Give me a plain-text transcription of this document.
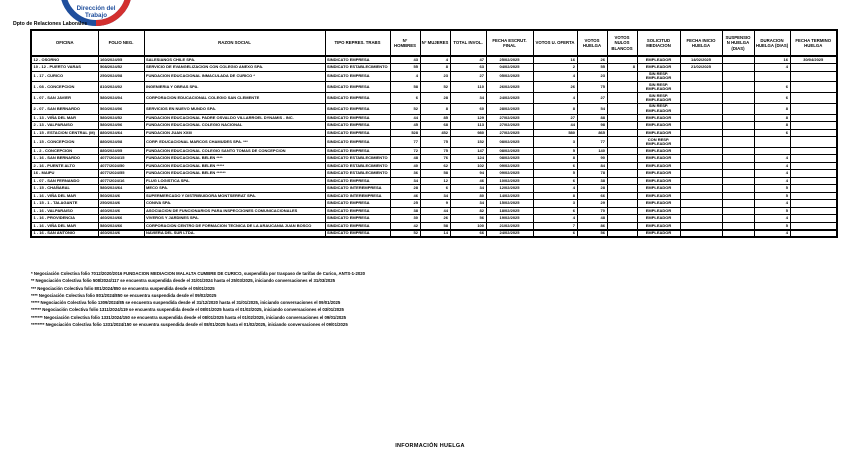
Dirección del
Trabajo
Dpto de Relaciones Laborales
OFICINA	FOLIO NEG.	RAZON SOCIAL	TIPO REPRES. TRABS	N° HOMBRES	N° MUJERES	TOTAL INVOL.	FECHA ESCRUT. FINAL	VOTOS U. OFERTA	VOTOS HUELGA	VOTOS NULOS BLANCOS	SOLICITUD MEDIACION	FECHA INICIO HUELGA	SUSPENSIO N HUELGA (DIAS)	DURACION HUELGA (DIAS)	FECHA TERMINO HUELGA
12 - OSORNO	160/2024/05	SALESIANOS CHILE SPA.	SINDICATO EMPRESA	43	4	47	25/02/2025	16	26		EMPLEADOR	14/02/2025		16	30/04/2025
10 - 12 - PUERTO VARAS	508/2024/52	SERVICIO DE EVANGELIZACION CON COLEGIO ANEXO SPA.	SINDICATO ESTABLECIMIENTO	55	8	63	04/02/2025	2	55	8	EMPLEADOR	21/02/2025		4	
1 - 17 - CURICO	250/2024/08	FUNDACION EDUCACIONAL INMACULADA DE CURICO *	SINDICATO EMPRESA	4	23	27	05/02/2025	4	23		SIN RESP. EMPLEADOR				
1 - 08 - CONCEPCION	810/2024/02	INGENIERIA Y OBRAS SPA.	SINDICATO EMPRESA	58	52	110	26/02/2025	26	75		SIN RESP. EMPLEADOR			6	
1 - 07 - SAN JAVIER	580/2024/04	CORPORACION EDUCACIONAL COLEGIO SAN CLEMENTE	SINDICATO EMPRESA	6	28	34	24/02/2025	4	27		SIN RESP. EMPLEADOR			6	
2 - 07 - SAN BERNARDO	560/2024/06	SERVICIOS EN NUEVO MUNDO SPA.	SINDICATO EMPRESA	52	8	60	28/02/2025	8	54		SIN RESP. EMPLEADOR			8	
1 - 13 - VIÑA DEL MAR	580/2024/52	FUNDACION EDUCACIONAL PADRE OSVALDO VILLARROEL DYNAMIS - INC.	SINDICATO EMPRESA	44	85	129	27/02/2025	27	88		EMPLEADOR			8	
2 - 13 - VALPARAISO	580/2024/06	FUNDACION EDUCACIONAL COLEGIO NACIONAL	SINDICATO EMPRESA	45	68	113	27/02/2025	44	98		EMPLEADOR			8	
1 - 15 - ESTACION CENTRAL (M)	880/2024/64	FUNDACION JUAN XXIII	SINDICATO EMPRESA	528	452	980	27/02/2025	580	865		EMPLEADOR			6	
1 - 15 - CONCEPCION	880/2024/08	CORP. EDUCACIONAL MARCOS CHAMUDES SPA. ***	SINDICATO EMPRESA	77	75	152	08/02/2025	3	77		CON RESP. EMPLEADOR				
1 - 2 - CONCEPCION	880/2024/05	FUNDACION EDUCACIONAL COLEGIO SANTO TOMAS DE CONCEPCION	SINDICATO EMPRESA	72	75	147	08/02/2025	5	140		EMPLEADOR				
1 - 16 - SAN BERNARDO	4077/2024/15	FUNDACION EDUCACIONAL BELEN ****	SINDICATO ESTABLECIMIENTO	48	76	124	08/02/2025	8	90		EMPLEADOR			4	
2 - 16 - PUENTE ALTO	4077/2024/50	FUNDACION EDUCACIONAL BELEN *****	SINDICATO ESTABLECIMIENTO	40	62	102	09/02/2025	6	84		EMPLEADOR			4	
16 - MAIPU	4077/2024/55	FUNDACION EDUCACIONAL BELEN ******	SINDICATO ESTABLECIMIENTO	36	58	94	09/02/2025	5	78		EMPLEADOR			4	
1 - 07 - SAN FERNANDO	4077/2024/16	FLUG LOGISTICA SPA.	SINDICATO EMPRESA	34	12	46	10/02/2025	6	38		EMPLEADOR			4	
1 - 15 - CHAÑARAL	580/2024/64	MECO SPA.	SINDICATO INTEREMPRESA	28	6	34	12/02/2025	4	28		EMPLEADOR			5	
1 - 16 - VIÑA DEL MAR	560/2024/6	SUPERMERCADO Y DISTRIBUIDORA MONTSERRAT SPA.	SINDICATO INTEREMPRESA	46	34	80	14/02/2025	8	66		EMPLEADOR			5	
1 - 15 - 1 - TALAGANTE	250/2024/6	CONIVA SPA.	SINDICATO EMPRESA	25	9	34	15/02/2025	3	29		EMPLEADOR			4	
1 - 16 - VALPARAISO	460/2024/6	ASOCIACION DE FUNCIONARIOS PARA INSPECCIONES COMUNICACIONALES	SINDICATO EMPRESA	38	44	82	18/02/2025	6	70		EMPLEADOR			5	
1 - 16 - PROVIDENCIA	460/2024/66	VIVEROS Y JARDINES SPA.	SINDICATO EMPRESA	30	26	56	19/02/2025	4	48		EMPLEADOR			4	
1 - 16 - VIÑA DEL MAR	580/2024/66	CORPORACION CENTRO DE FORMACION TECNICA DE LA ARAUCANIA JUAN BOSCO	SINDICATO EMPRESA	42	58	100	21/02/2025	7	86		EMPLEADOR			5	
1 - 16 - SAN ANTONIO	460/2024/6	NAVIERA DEL SUR LTDA.	SINDICATO EMPRESA	52	14	66	24/02/2025	6	56		EMPLEADOR			4	
* Negociación Colectiva folio 7012/2020/2016 FUNDACION MEDIACION MALALTA CUMBRE DE CURICO, suspendida por traspaso de tarifas de Curico, ANTS-1-2020
** Negociación Colectiva folio 508/2024/117 se encuentra suspendida desde el 31/01/2024 hasta el 25/03/2025, iniciando conversaciones el 31/03/2025
*** Negociación Colectiva folio 801/2024/850 se encuentra suspendida desde el 05/01/2025
**** Negociación Colectiva folio 801/2024/850 se encuentra suspendida desde el 09/02/2025
***** Negociación Colectiva folio 1309/2024/85 se encuentra suspendida desde el 31/12/2020 hasta el 31/01/2025, iniciando conversaciones el 09/01/2025
****** Negociación Colectiva folio 1311/2024/119 se encuentra suspendida desde el 08/01/2025 hasta el 01/02/2025, iniciando conversaciones el 03/01/2025
******* Negociación Colectiva folio 1331/2024/150 se encuentra suspendida desde el 08/01/2025 hasta el 01/02/2025, iniciando conversaciones el 09/01/2025
******** Negociación Colectiva folio 1331/2024/150 se encuentra suspendida desde el 08/01/2025 hasta el 01/02/2025, iniciando conversaciones el 09/01/2025
INFORMACIÓN HUELGA
